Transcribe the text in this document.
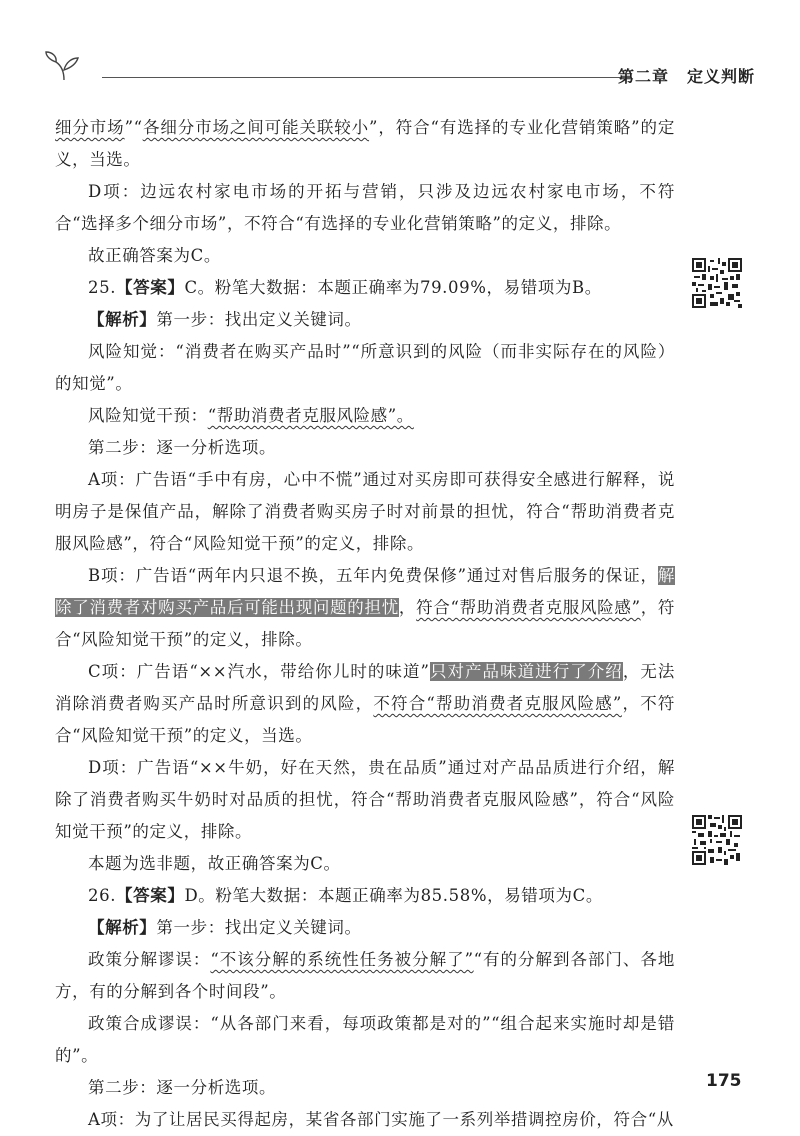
第二章 定义判断

细分市场”“各细分市场之间可能关联较小”，符合“有选择的专业化营销策略”的定义，当选。

D项：边远农村家电市场的开拓与营销，只涉及边远农村家电市场，不符合“选择多个细分市场”，不符合“有选择的专业化营销策略”的定义，排除。

故正确答案为C。

25.【答案】C。粉笔大数据：本题正确率为79.09%，易错项为B。

【解析】第一步：找出定义关键词。

风险知觉：“消费者在购买产品时”“所意识到的风险（而非实际存在的风险）的知觉”。

风险知觉干预：“帮助消费者克服风险感”。

第二步：逐一分析选项。

A项：广告语“手中有房，心中不慌”通过对买房即可获得安全感进行解释，说明房子是保值产品，解除了消费者购买房子时对前景的担忧，符合“帮助消费者克服风险感”，符合“风险知觉干预”的定义，排除。

B项：广告语“两年内只退不换，五年内免费保修”通过对售后服务的保证，解除了消费者对购买产品后可能出现问题的担忧，符合“帮助消费者克服风险感”，符合“风险知觉干预”的定义，排除。

C项：广告语“××汽水，带给你儿时的味道”只对产品味道进行了介绍，无法消除消费者购买产品时所意识到的风险，不符合“帮助消费者克服风险感”，不符合“风险知觉干预”的定义，当选。

D项：广告语“××牛奶，好在天然，贵在品质”通过对产品品质进行介绍，解除了消费者购买牛奶时对品质的担忧，符合“帮助消费者克服风险感”，符合“风险知觉干预”的定义，排除。

本题为选非题，故正确答案为C。

26.【答案】D。粉笔大数据：本题正确率为85.58%，易错项为C。

【解析】第一步：找出定义关键词。

政策分解谬误：“不该分解的系统性任务被分解了”“有的分解到各部门、各地方，有的分解到各个时间段”。

政策合成谬误：“从各部门来看，每项政策都是对的”“组合起来实施时却是错的”。

第二步：逐一分析选项。

A项：为了让居民买得起房，某省各部门实施了一系列举措调控房价，符合“从

175
